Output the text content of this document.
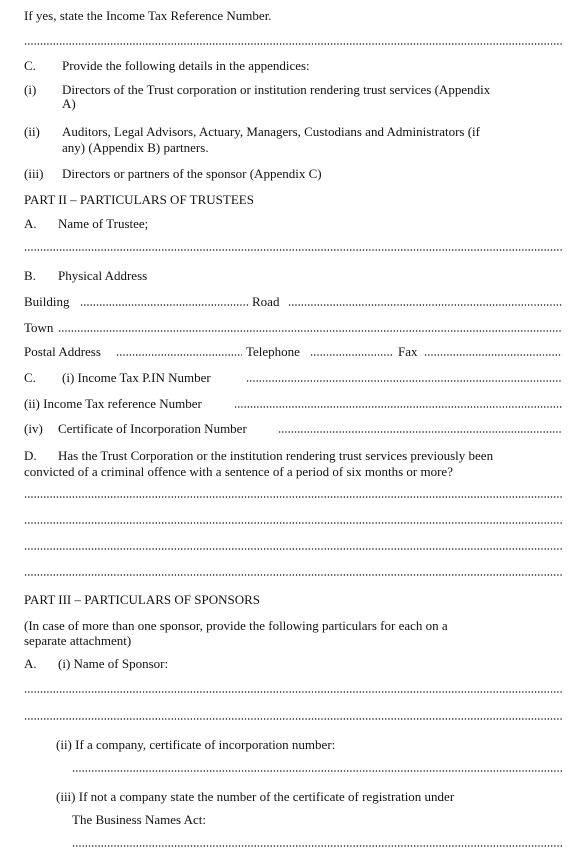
If yes, state the Income Tax Reference Number.
C. Provide the following details in the appendices:
(i) Directors of the Trust corporation or institution rendering trust services (Appendix
A)
(ii) Auditors, Legal Advisors, Actuary, Managers, Custodians and Administrators (if
any) (Appendix B) partners.
(iii) Directors or partners of the sponsor (Appendix C)
PART II – PARTICULARS OF TRUSTEES
A. Name of Trustee;
B. Physical Address
Building	Road
Town
Postal Address	Telephone	Fax
C. (i) Income Tax P.IN Number
(ii) Income Tax reference Number
(iv) Certificate of Incorporation Number
D. Has the Trust Corporation or the institution rendering trust services previously been
convicted of a criminal offence with a sentence of a period of six months or more?
PART III – PARTICULARS OF SPONSORS
(In case of more than one sponsor, provide the following particulars for each on a
separate attachment)
A. (i) Name of Sponsor:
(ii) If a company, certificate of incorporation number:
(iii) If not a company state the number of the certificate of registration under
The Business Names Act:
